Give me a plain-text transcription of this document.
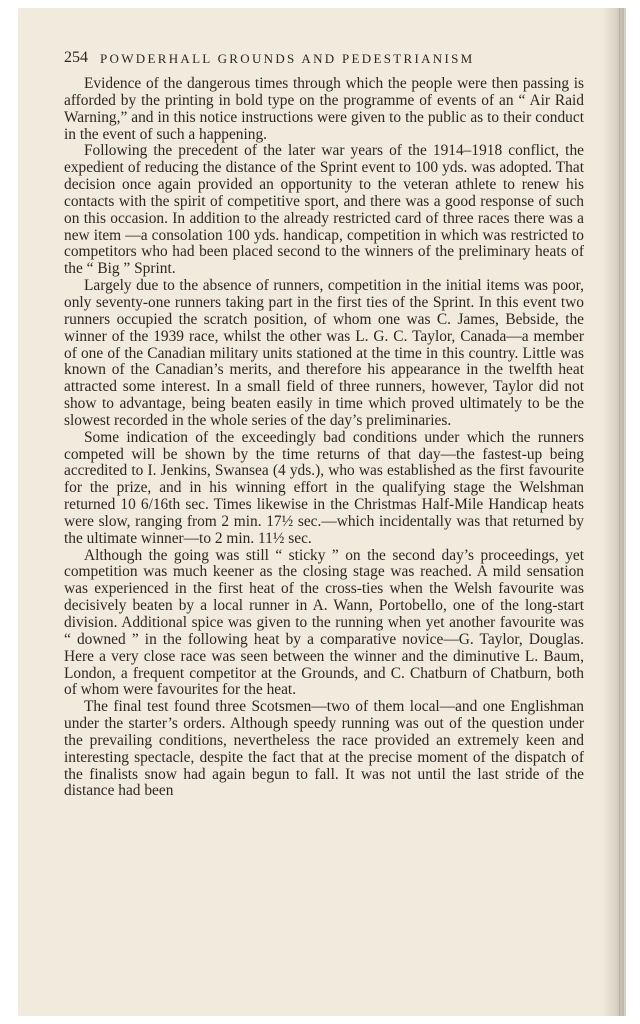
254 POWDERHALL GROUNDS AND PEDESTRIANISM

Evidence of the dangerous times through which the people were then passing is afforded by the printing in bold type on the programme of events of an “ Air Raid Warning,” and in this notice instructions were given to the public as to their conduct in the event of such a happening.

Following the precedent of the later war years of the 1914–1918 conflict, the expedient of reducing the distance of the Sprint event to 100 yds. was adopted. That decision once again provided an opportunity to the veteran athlete to renew his contacts with the spirit of competitive sport, and there was a good response of such on this occasion. In addition to the already restricted card of three races there was a new item —a consolation 100 yds. handicap, competition in which was restricted to competitors who had been placed second to the winners of the preliminary heats of the “ Big ” Sprint.

Largely due to the absence of runners, competition in the initial items was poor, only seventy-one runners taking part in the first ties of the Sprint. In this event two runners occupied the scratch position, of whom one was C. James, Bebside, the winner of the 1939 race, whilst the other was L. G. C. Taylor, Canada—a member of one of the Canadian military units stationed at the time in this country. Little was known of the Canadian’s merits, and therefore his appearance in the twelfth heat attracted some interest. In a small field of three runners, however, Taylor did not show to advantage, being beaten easily in time which proved ultimately to be the slowest recorded in the whole series of the day’s preliminaries.

Some indication of the exceedingly bad conditions under which the runners competed will be shown by the time returns of that day—the fastest-up being accredited to I. Jenkins, Swansea (4 yds.), who was established as the first favourite for the prize, and in his winning effort in the qualifying stage the Welshman returned 10 6/16th sec. Times likewise in the Christmas Half-Mile Handicap heats were slow, ranging from 2 min. 17½ sec.—which incidentally was that returned by the ultimate winner—to 2 min. 11½ sec.

Although the going was still “ sticky ” on the second day’s proceedings, yet competition was much keener as the closing stage was reached. A mild sensation was experienced in the first heat of the cross-ties when the Welsh favourite was decisively beaten by a local runner in A. Wann, Portobello, one of the long-start division. Additional spice was given to the running when yet another favourite was “ downed ” in the following heat by a comparative novice—G. Taylor, Douglas. Here a very close race was seen between the winner and the diminutive L. Baum, London, a frequent competitor at the Grounds, and C. Chatburn of Chatburn, both of whom were favourites for the heat.

The final test found three Scotsmen—two of them local—and one Englishman under the starter’s orders. Although speedy running was out of the question under the prevailing conditions, nevertheless the race provided an extremely keen and interesting spectacle, despite the fact that at the precise moment of the dispatch of the finalists snow had again begun to fall. It was not until the last stride of the distance had been
